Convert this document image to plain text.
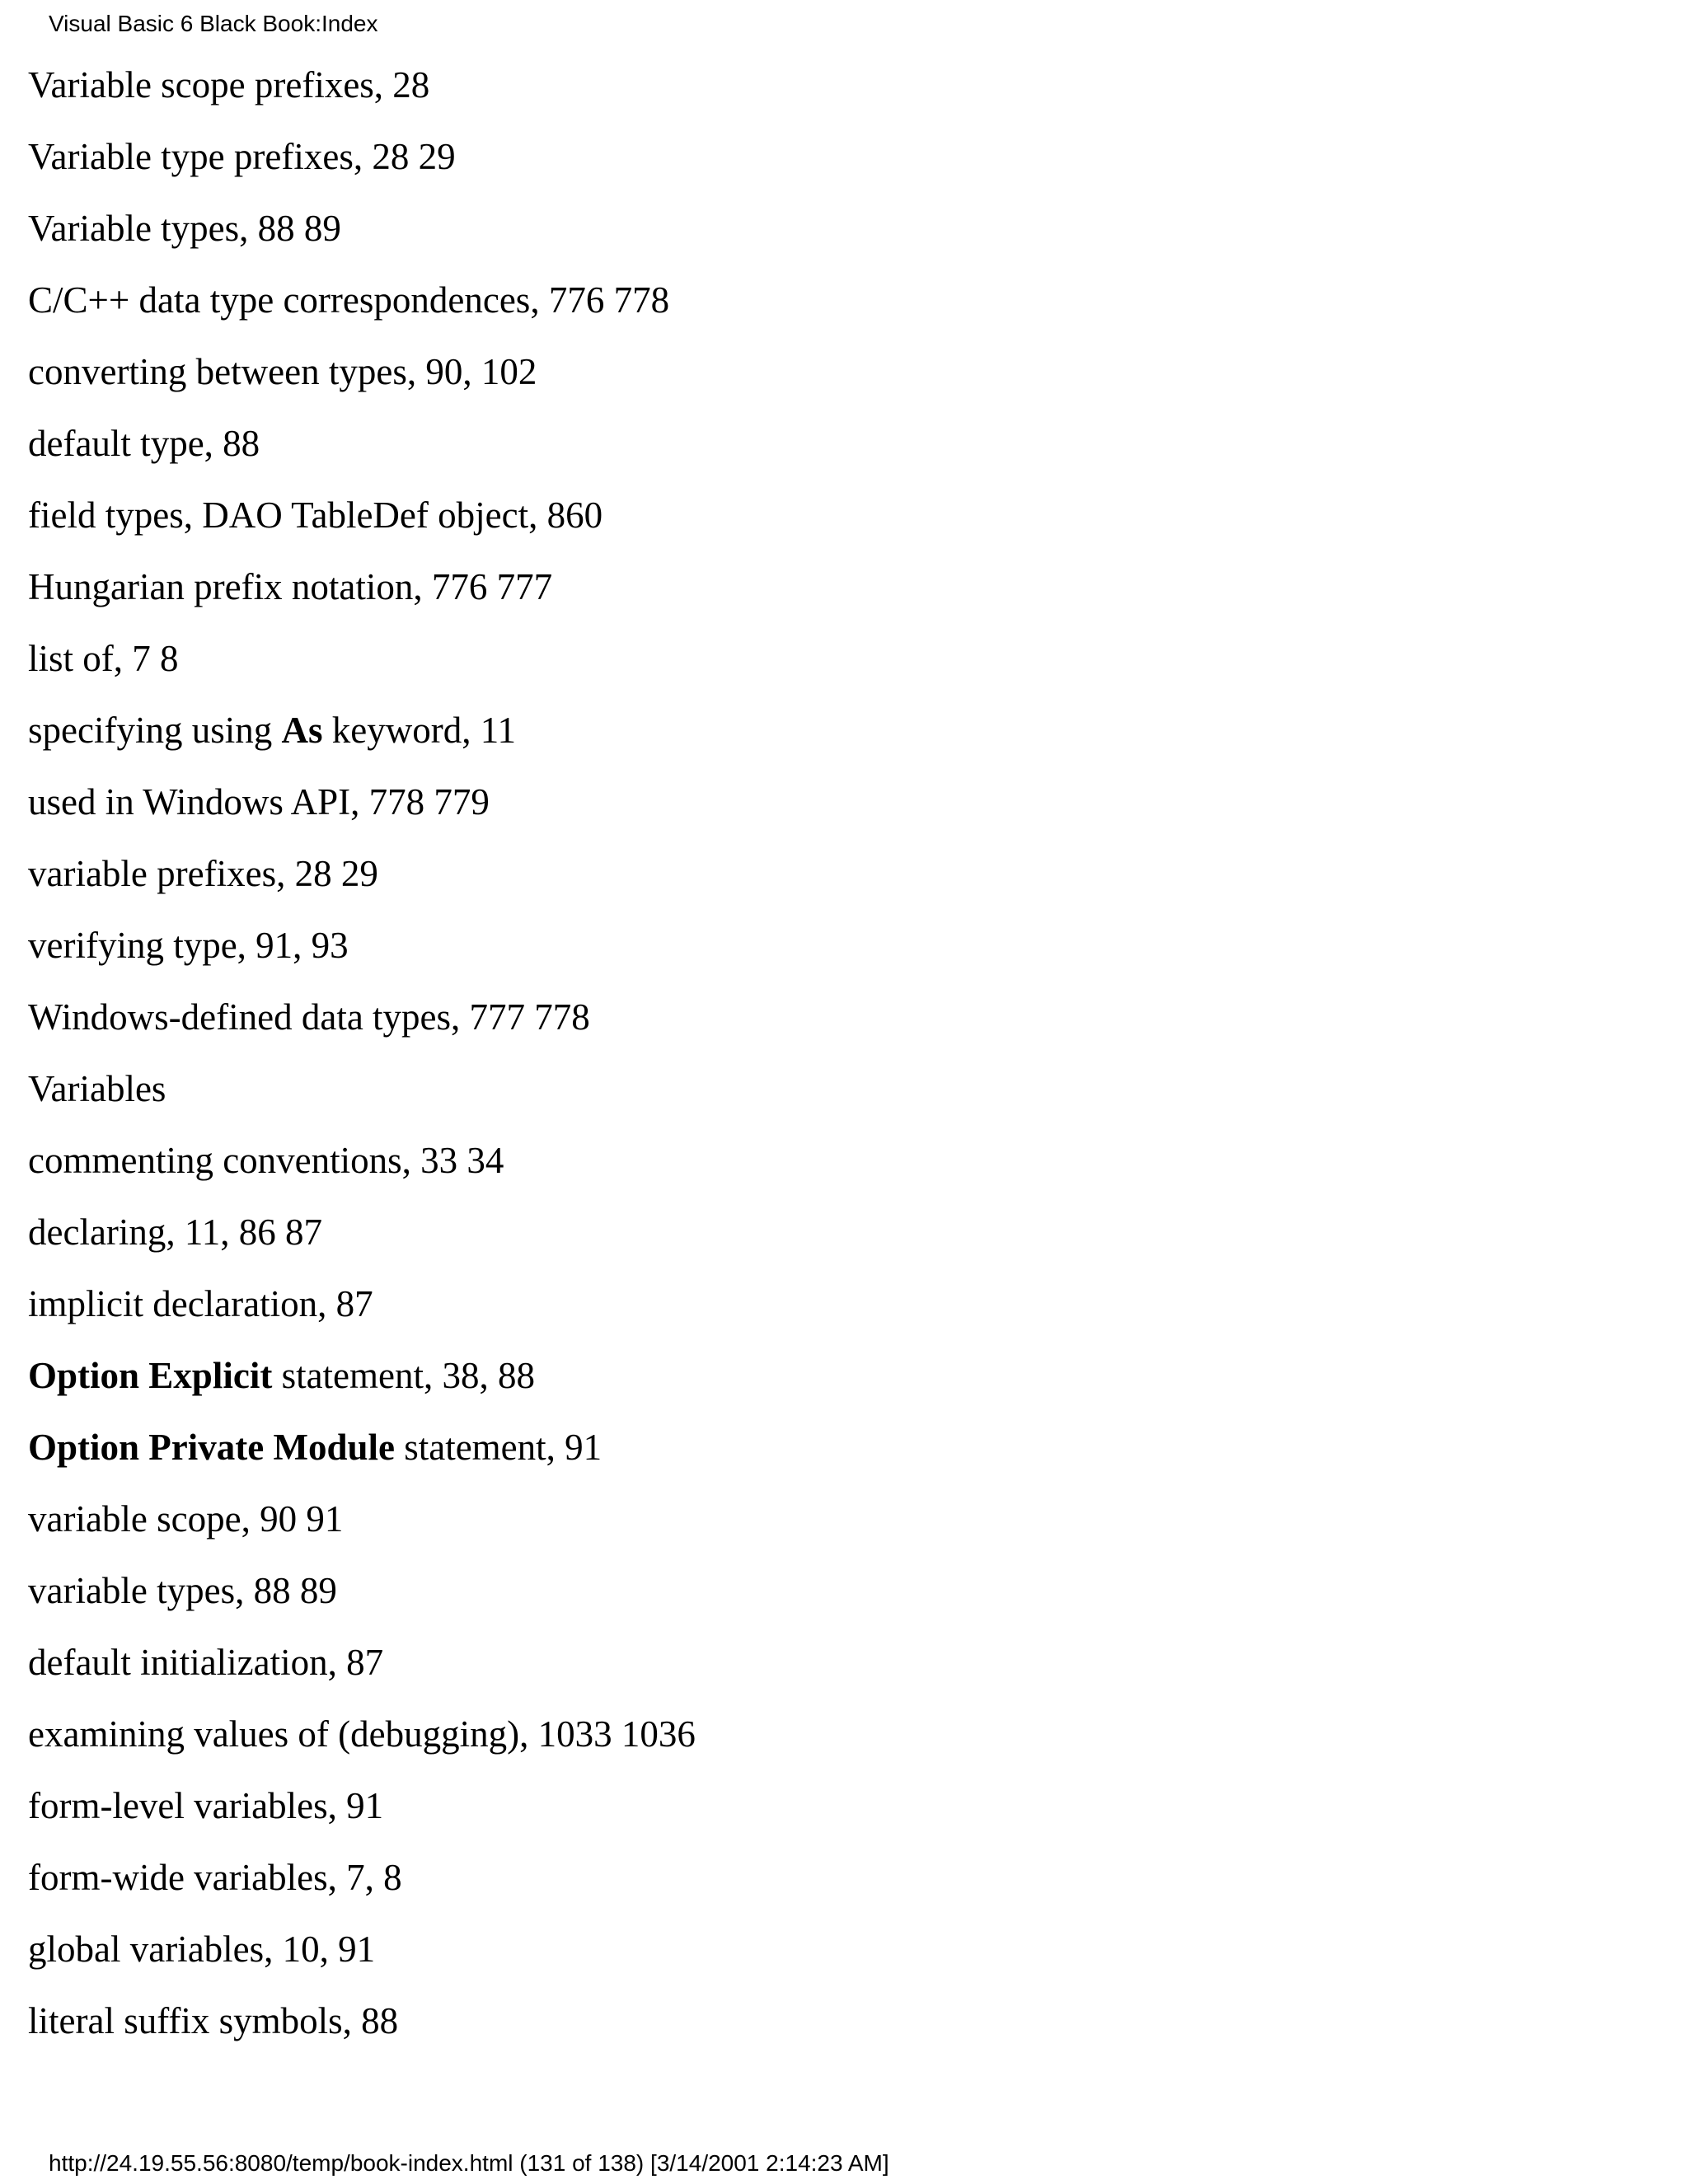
Visual Basic 6 Black Book:Index
Variable scope prefixes, 28
Variable type prefixes, 28 29
Variable types, 88 89
C/C++ data type correspondences, 776 778
converting between types, 90, 102
default type, 88
field types, DAO TableDef object, 860
Hungarian prefix notation, 776 777
list of, 7 8
specifying using As keyword, 11
used in Windows API, 778 779
variable prefixes, 28 29
verifying type, 91, 93
Windows-defined data types, 777 778
Variables
commenting conventions, 33 34
declaring, 11, 86 87
implicit declaration, 87
Option Explicit statement, 38, 88
Option Private Module statement, 91
variable scope, 90 91
variable types, 88 89
default initialization, 87
examining values of (debugging), 1033 1036
form-level variables, 91
form-wide variables, 7, 8
global variables, 10, 91
literal suffix symbols, 88
http://24.19.55.56:8080/temp/book-index.html (131 of 138) [3/14/2001 2:14:23 AM]
